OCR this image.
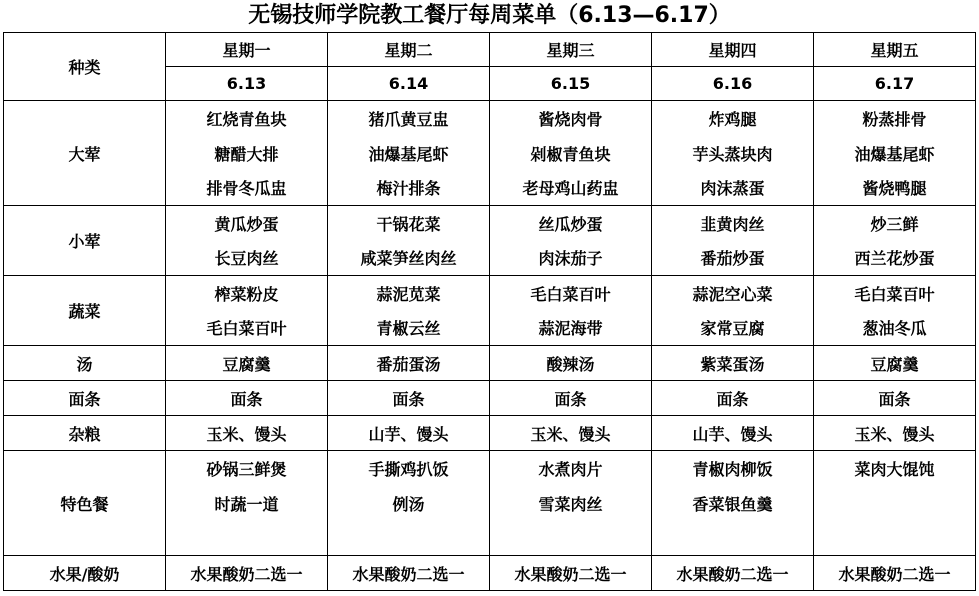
无锡技师学院教工餐厅每周菜单（6.13—6.17）
种类	星期一	星期二	星期三	星期四	星期五
	6.13	6.14	6.15	6.16	6.17
大荤	红烧青鱼块	猪爪黄豆盅	酱烧肉骨	炸鸡腿	粉蒸排骨
	糖醋大排	油爆基尾虾	剁椒青鱼块	芋头蒸块肉	油爆基尾虾
	排骨冬瓜盅	梅汁排条	老母鸡山药盅	肉沫蒸蛋	酱烧鸭腿
小荤	黄瓜炒蛋	干锅花菜	丝瓜炒蛋	韭黄肉丝	炒三鲜
	长豆肉丝	咸菜笋丝肉丝	肉沫茄子	番茄炒蛋	西兰花炒蛋
蔬菜	榨菜粉皮	蒜泥苋菜	毛白菜百叶	蒜泥空心菜	毛白菜百叶
	毛白菜百叶	青椒云丝	蒜泥海带	家常豆腐	葱油冬瓜
汤	豆腐羹	番茄蛋汤	酸辣汤	紫菜蛋汤	豆腐羹
面条	面条	面条	面条	面条	面条
杂粮	玉米、馒头	山芋、馒头	玉米、馒头	山芋、馒头	玉米、馒头
特色餐	砂锅三鲜煲	手撕鸡扒饭	水煮肉片	青椒肉柳饭	菜肉大馄饨
	时蔬一道	例汤	雪菜肉丝	香菜银鱼羹	

水果/酸奶	水果酸奶二选一	水果酸奶二选一	水果酸奶二选一	水果酸奶二选一	水果酸奶二选一
